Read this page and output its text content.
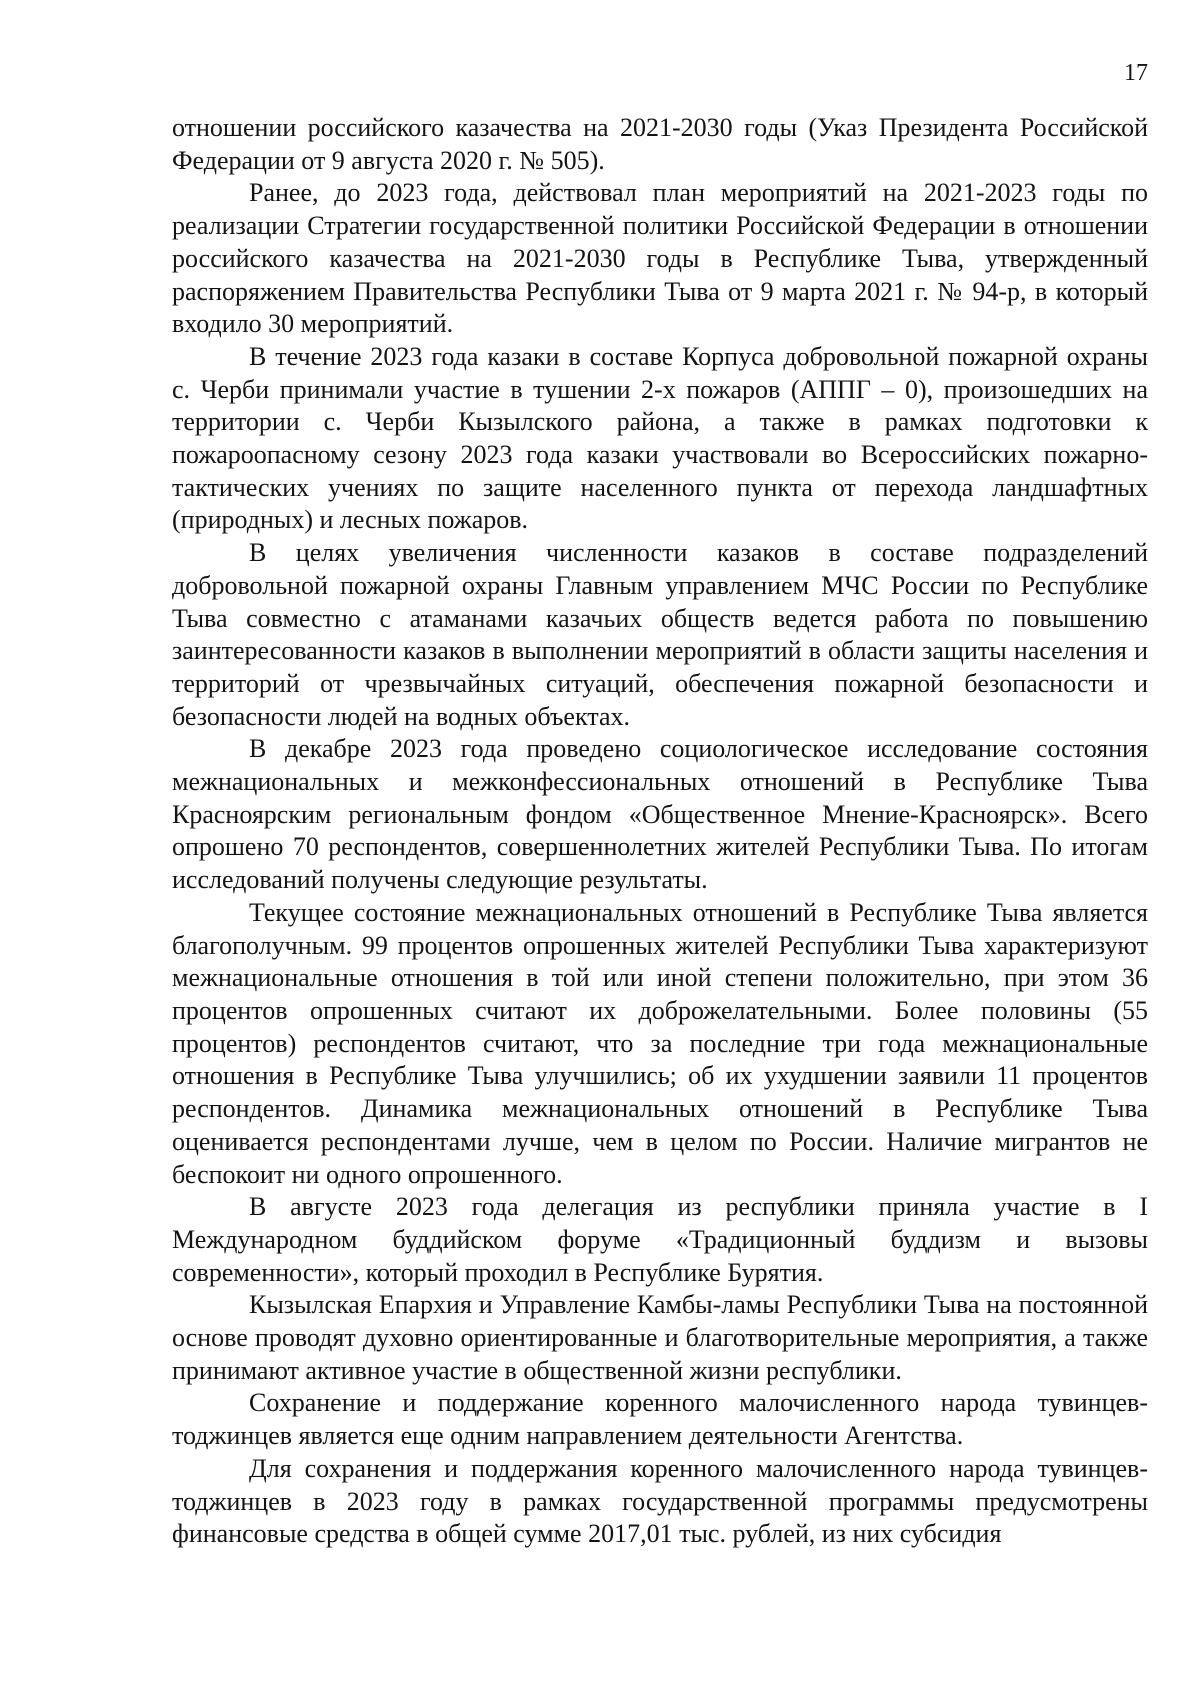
17

отношении российского казачества на 2021-2030 годы (Указ Президента Российской Федерации от 9 августа 2020 г. № 505).

Ранее, до 2023 года, действовал план мероприятий на 2021-2023 годы по реализации Стратегии государственной политики Российской Федерации в отношении российского казачества на 2021-2030 годы в Республике Тыва, утвержденный распоряжением Правительства Республики Тыва от 9 марта 2021 г. № 94-р, в который входило 30 мероприятий.

В течение 2023 года казаки в составе Корпуса добровольной пожарной охраны с. Черби принимали участие в тушении 2-х пожаров (АППГ – 0), произошедших на территории с. Черби Кызылского района, а также в рамках подготовки к пожароопасному сезону 2023 года казаки участвовали во Всероссийских пожарно-тактических учениях по защите населенного пункта от перехода ландшафтных (природных) и лесных пожаров.

В целях увеличения численности казаков в составе подразделений добровольной пожарной охраны Главным управлением МЧС России по Республике Тыва совместно с атаманами казачьих обществ ведется работа по повышению заинтересованности казаков в выполнении мероприятий в области защиты населения и территорий от чрезвычайных ситуаций, обеспечения пожарной безопасности и безопасности людей на водных объектах.

В декабре 2023 года проведено социологическое исследование состояния межнациональных и межконфессиональных отношений в Республике Тыва Красноярским региональным фондом «Общественное Мнение-Красноярск». Всего опрошено 70 респондентов, совершеннолетних жителей Республики Тыва. По итогам исследований получены следующие результаты.

Текущее состояние межнациональных отношений в Республике Тыва является благополучным. 99 процентов опрошенных жителей Республики Тыва характеризуют межнациональные отношения в той или иной степени положительно, при этом 36 процентов опрошенных считают их доброжелательными. Более половины (55 процентов) респондентов считают, что за последние три года межнациональные отношения в Республике Тыва улучшились; об их ухудшении заявили 11 процентов респондентов. Динамика межнациональных отношений в Республике Тыва оценивается респондентами лучше, чем в целом по России. Наличие мигрантов не беспокоит ни одного опрошенного.

В августе 2023 года делегация из республики приняла участие в I Международном буддийском форуме «Традиционный буддизм и вызовы современности», который проходил в Республике Бурятия.

Кызылская Епархия и Управление Камбы-ламы Республики Тыва на постоянной основе проводят духовно ориентированные и благотворительные мероприятия, а также принимают активное участие в общественной жизни республики.

Сохранение и поддержание коренного малочисленного народа тувинцев-тоджинцев является еще одним направлением деятельности Агентства.

Для сохранения и поддержания коренного малочисленного народа тувинцев-тоджинцев в 2023 году в рамках государственной программы предусмотрены финансовые средства в общей сумме 2017,01 тыс. рублей, из них субсидия
